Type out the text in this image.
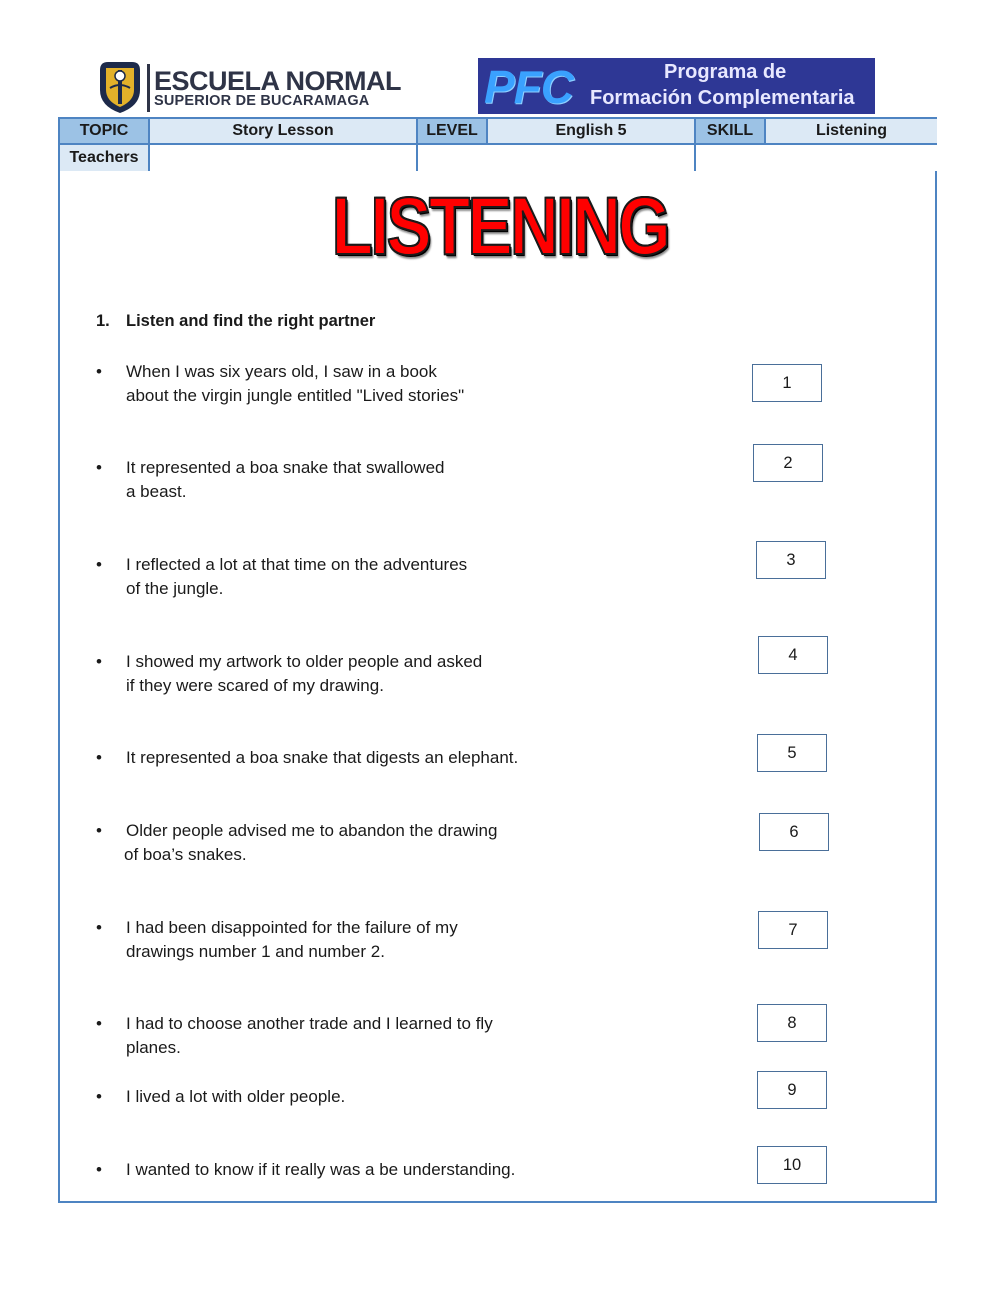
ESCUELA NORMAL
SUPERIOR DE BUCARAMAGA PFC	Programa de
Formación Complementaria
TOPIC	Story Lesson	LEVEL	English 5	SKILL	Listening
Teachers
LISTENING
1. Listen and find the right partner
•	When I was six years old, I saw in a book
about the virgin jungle entitled "Lived stories"
1
•	It represented a boa snake that swallowed
a beast.
2
•	I reflected a lot at that time on the adventures
of the jungle.
3
•	I showed my artwork to older people and asked
if they were scared of my drawing.
4
•	It represented a boa snake that digests an elephant.	5
•	Older people advised me to abandon the drawing
of boa’s snakes.
6
•	I had been disappointed for the failure of my
drawings number 1 and number 2.
7
•	I had to choose another trade and I learned to fly
planes.
8
•	I lived a lot with older people.	9
•	I wanted to know if it really was a be understanding.	10
